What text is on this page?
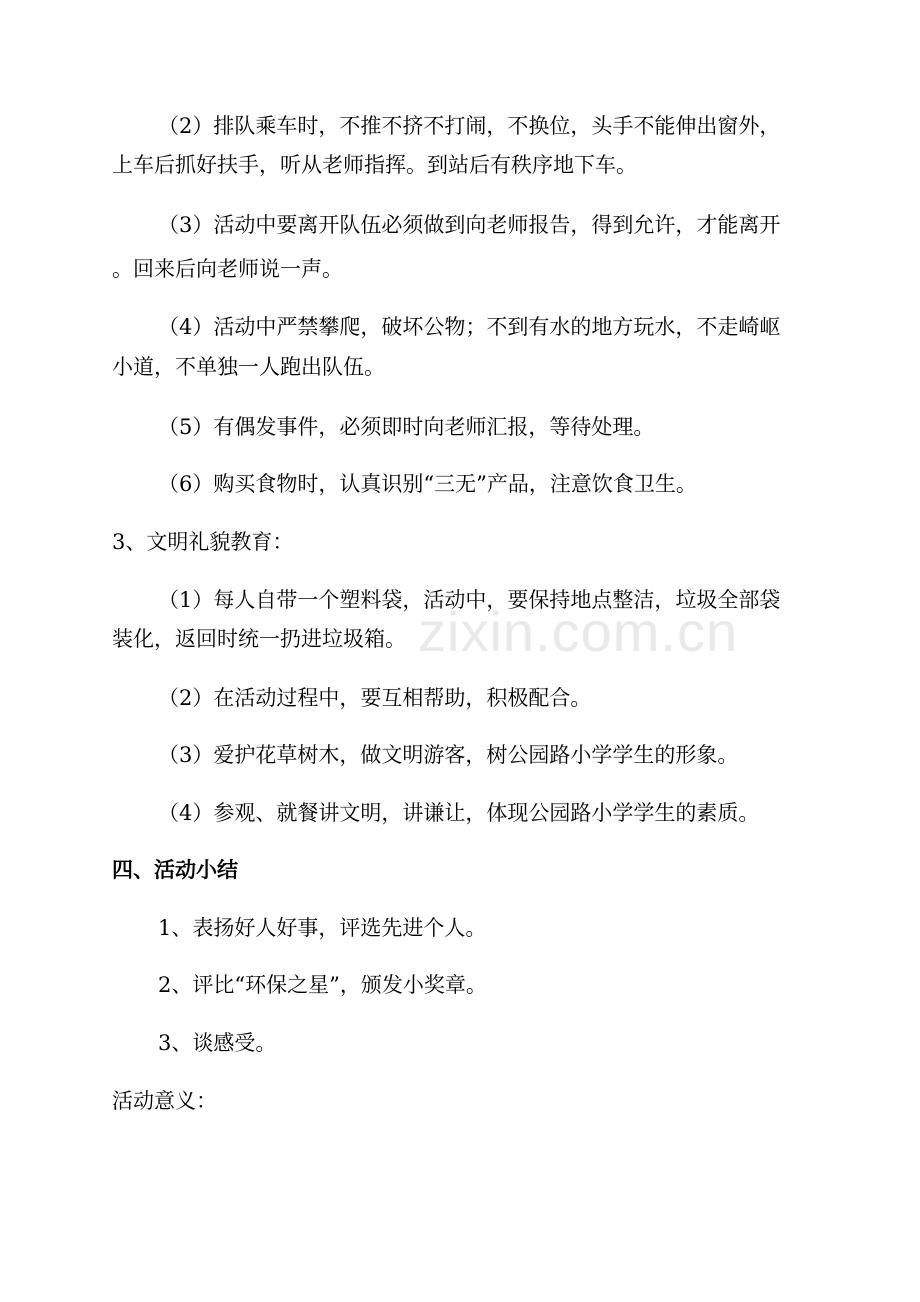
zixin.com.cn
（2）排队乘车时，不推不挤不打闹，不换位，头手不能伸出窗外，
上车后抓好扶手，听从老师指挥。到站后有秩序地下车。
（3）活动中要离开队伍必须做到向老师报告，得到允许，才能离开
。回来后向老师说一声。
（4）活动中严禁攀爬，破坏公物；不到有水的地方玩水，不走崎岖
小道，不单独一人跑出队伍。
（5）有偶发事件，必须即时向老师汇报，等待处理。
（6）购买食物时，认真识别“三无”产品，注意饮食卫生。
3、文明礼貌教育：
（1）每人自带一个塑料袋，活动中，要保持地点整洁，垃圾全部袋
装化，返回时统一扔进垃圾箱。
（2）在活动过程中，要互相帮助，积极配合。
（3）爱护花草树木，做文明游客，树公园路小学学生的形象。
（4）参观、就餐讲文明，讲谦让，体现公园路小学学生的素质。
四、活动小结
1、表扬好人好事，评选先进个人。
2、评比“环保之星”，颁发小奖章。
3、谈感受。
活动意义：
